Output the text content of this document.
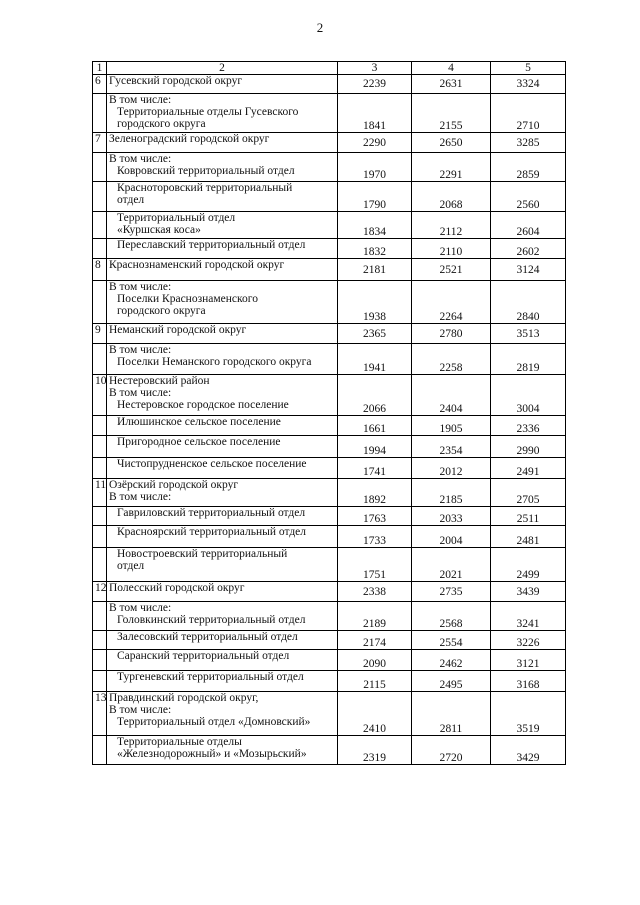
2
1	2	3	4	5
6	Гусевский городской округ	2239	2631	3324

	В том числе:
Территориальные отделы Гусевского
городского округа	1841	2155	2710
7	Зеленоградский городской округ	2290	2650	3285

	В том числе:
Ковровский территориальный отдел	1970	2291	2859

	Красноторовский территориальный
отдел	1790	2068	2560

	Территориальный отдел
«Куршская коса»	1834	2112	2604

	Переславский территориальный отдел	1832	2110	2602
8	Краснознаменский городской округ	2181	2521	3124

	В том числе:
Поселки Краснознаменского
городского округа	1938	2264	2840
9	Неманский городской округ	2365	2780	3513

	В том числе:
Поселки Неманского городского округа	1941	2258	2819
10	Нестеровский район
В том числе:
Нестеровское городское поселение	2066	2404	3004

	Илюшинское сельское поселение	1661	1905	2336

	Пригородное сельское поселение	1994	2354	2990

	Чистопрудненское сельское поселение	1741	2012	2491
11	Озёрский городской округ
В том числе:	1892	2185	2705

	Гавриловский территориальный отдел	1763	2033	2511

	Краснoярский территориальный отдел	1733	2004	2481

	Новостроевский территориальный
отдел	1751	2021	2499
12	Полесский городской округ	2338	2735	3439

	В том числе:
Головкинский территориальный отдел	2189	2568	3241

	Залесовский территориальный отдел	2174	2554	3226

	Саранский территориальный отдел	2090	2462	3121

	Тургеневский территориальный отдел	2115	2495	3168
13	Правдинский городской округ,
В том числе:
Территориальный отдел «Домновский»	2410	2811	3519

	Территориальные отделы
«Железнодорожный» и «Мозырьский»	2319	2720	3429
